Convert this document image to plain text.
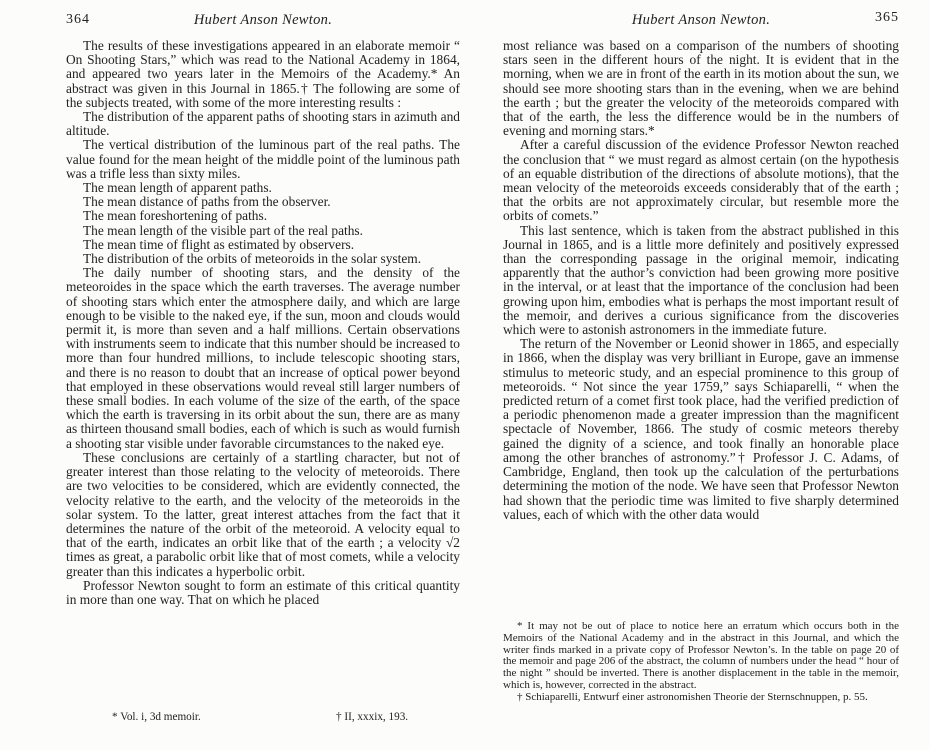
364	Hubert Anson Newton.

The results of these investigations appeared in an elaborate memoir “ On Shooting Stars,” which was read to the National Academy in 1864, and appeared two years later in the Memoirs of the Academy.* An abstract was given in this Journal in 1865.† The following are some of the subjects treated, with some of the more interesting results :

The distribution of the apparent paths of shooting stars in azimuth and altitude.

The vertical distribution of the luminous part of the real paths. The value found for the mean height of the middle point of the luminous path was a trifle less than sixty miles.

The mean length of apparent paths.

The mean distance of paths from the observer.

The mean foreshortening of paths.

The mean length of the visible part of the real paths.

The mean time of flight as estimated by observers.

The distribution of the orbits of meteoroids in the solar system.

The daily number of shooting stars, and the density of the meteoroides in the space which the earth traverses. The average number of shooting stars which enter the atmosphere daily, and which are large enough to be visible to the naked eye, if the sun, moon and clouds would permit it, is more than seven and a half millions. Certain observations with instruments seem to indicate that this number should be increased to more than four hundred millions, to include telescopic shooting stars, and there is no reason to doubt that an increase of optical power beyond that employed in these observations would reveal still larger numbers of these small bodies. In each volume of the size of the earth, of the space which the earth is traversing in its orbit about the sun, there are as many as thirteen thousand small bodies, each of which is such as would furnish a shooting star visible under favorable circumstances to the naked eye.

These conclusions are certainly of a startling character, but not of greater interest than those relating to the velocity of meteoroids. There are two velocities to be considered, which are evidently connected, the velocity relative to the earth, and the velocity of the meteoroids in the solar system. To the latter, great interest attaches from the fact that it determines the nature of the orbit of the meteoroid. A velocity equal to that of the earth, indicates an orbit like that of the earth ; a velocity √2 times as great, a parabolic orbit like that of most comets, while a velocity greater than this indicates a hyperbolic orbit.

Professor Newton sought to form an estimate of this critical quantity in more than one way. That on which he placed

* Vol. i, 3d memoir.	† II, xxxix, 193.
Hubert Anson Newton.	365

most reliance was based on a comparison of the numbers of shooting stars seen in the different hours of the night. It is evident that in the morning, when we are in front of the earth in its motion about the sun, we should see more shooting stars than in the evening, when we are behind the earth ; but the greater the velocity of the meteoroids compared with that of the earth, the less the difference would be in the numbers of evening and morning stars.*

After a careful discussion of the evidence Professor Newton reached the conclusion that “ we must regard as almost certain (on the hypothesis of an equable distribution of the directions of absolute motions), that the mean velocity of the meteoroids exceeds considerably that of the earth ; that the orbits are not approximately circular, but resemble more the orbits of comets.”

This last sentence, which is taken from the abstract published in this Journal in 1865, and is a little more definitely and positively expressed than the corresponding passage in the original memoir, indicating apparently that the author’s conviction had been growing more positive in the interval, or at least that the importance of the conclusion had been growing upon him, embodies what is perhaps the most important result of the memoir, and derives a curious significance from the discoveries which were to astonish astronomers in the immediate future.

The return of the November or Leonid shower in 1865, and especially in 1866, when the display was very brilliant in Europe, gave an immense stimulus to meteoric study, and an especial prominence to this group of meteoroids. “ Not since the year 1759,” says Schiaparelli, “ when the predicted return of a comet first took place, had the verified prediction of a periodic phenomenon made a greater impression than the magnificent spectacle of November, 1866. The study of cosmic meteors thereby gained the dignity of a science, and took finally an honorable place among the other branches of astronomy.”† Professor J. C. Adams, of Cambridge, England, then took up the calculation of the perturbations determining the motion of the node. We have seen that Professor Newton had shown that the periodic time was limited to five sharply determined values, each of which with the other data would

* It may not be out of place to notice here an erratum which occurs both in the Memoirs of the National Academy and in the abstract in this Journal, and which the writer finds marked in a private copy of Professor Newton’s. In the table on page 20 of the memoir and page 206 of the abstract, the column of numbers under the head “ hour of the night ” should be inverted. There is another displacement in the table in the memoir, which is, however, corrected in the abstract.

† Schiaparelli, Entwurf einer astronomishen Theorie der Sternschnuppen, p. 55.
